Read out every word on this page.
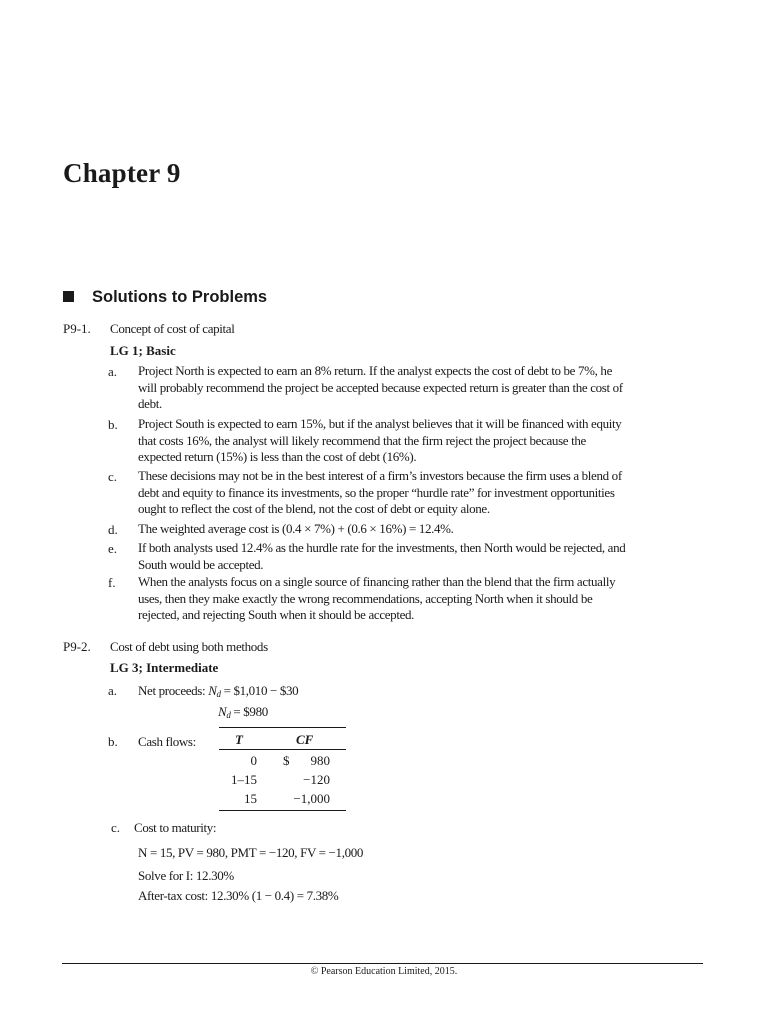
Chapter 9
Solutions to Problems
P9-1. Concept of cost of capital
LG 1; Basic
a. Project North is expected to earn an 8% return. If the analyst expects the cost of debt to be 7%, he
will probably recommend the project be accepted because expected return is greater than the cost of
debt.
b. Project South is expected to earn 15%, but if the analyst believes that it will be financed with equity
that costs 16%, the analyst will likely recommend that the firm reject the project because the
expected return (15%) is less than the cost of debt (16%).
c. These decisions may not be in the best interest of a firm’s investors because the firm uses a blend of
debt and equity to finance its investments, so the proper “hurdle rate” for investment opportunities
ought to reflect the cost of the blend, not the cost of debt or equity alone.
d. The weighted average cost is (0.4 × 7%) + (0.6 × 16%) = 12.4%.
e. If both analysts used 12.4% as the hurdle rate for the investments, then North would be rejected, and
South would be accepted.
f. When the analysts focus on a single source of financing rather than the blend that the firm actually
uses, then they make exactly the wrong recommendations, accepting North when it should be
rejected, and rejecting South when it should be accepted.
P9-2. Cost of debt using both methods
LG 3; Intermediate
a. Net proceeds: $N_d$ = $1,010 − $30
$N_d$ = $980
b. Cash flows:	T	CF
0 $	980
1–15	−120
15	−1,000
c. Cost to maturity:
N = 15, PV = 980, PMT = −120, FV = −1,000
Solve for I: 12.30%
After-tax cost: 12.30% (1 − 0.4) = 7.38%
© Pearson Education Limited, 2015.
